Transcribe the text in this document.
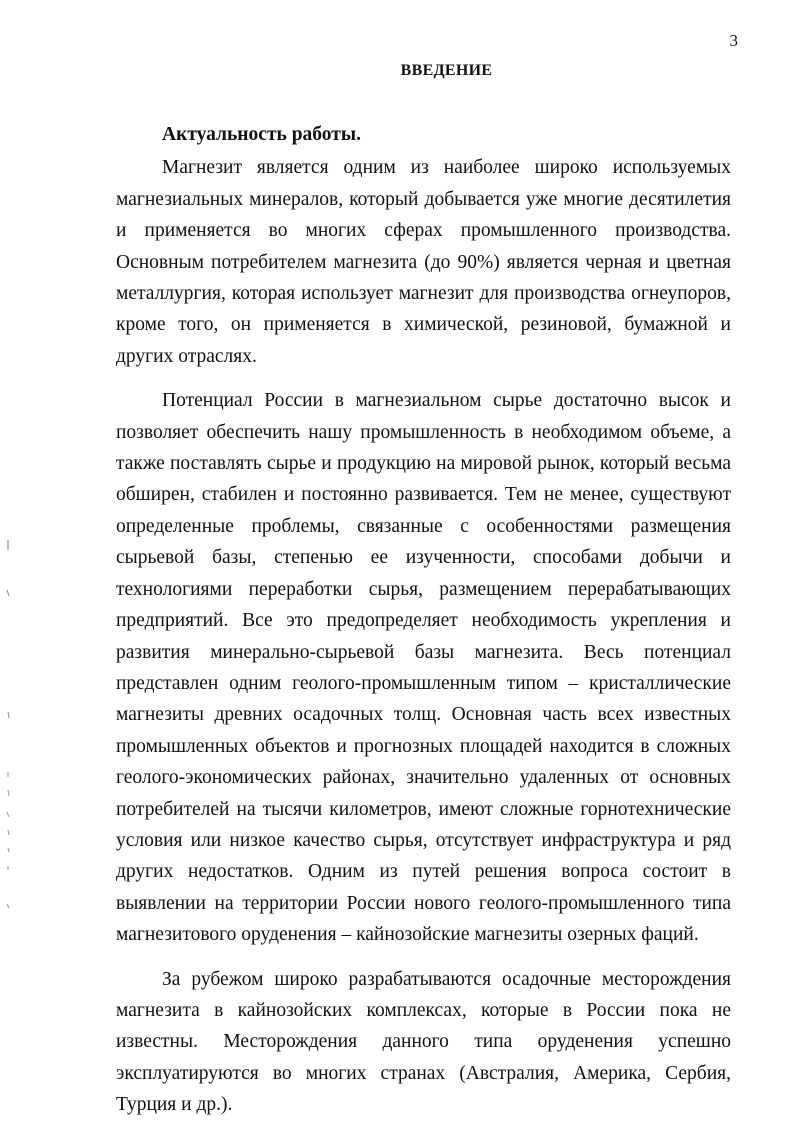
3
ВВЕДЕНИЕ

Актуальность работы.

Магнезит является одним из наиболее широко используемых магнезиальных минералов, который добывается уже многие десятилетия и применяется во многих сферах промышленного производства. Основным потребителем магнезита (до 90%) является черная и цветная металлургия, которая использует магнезит для производства огнеупоров, кроме того, он применяется в химической, резиновой, бумажной и других отраслях.

Потенциал России в магнезиальном сырье достаточно высок и позволяет обеспечить нашу промышленность в необходимом объеме, а также поставлять сырье и продукцию на мировой рынок, который весьма обширен, стабилен и постоянно развивается. Тем не менее, существуют определенные проблемы, связанные с особенностями размещения сырьевой базы, степенью ее изученности, способами добычи и технологиями переработки сырья, размещением перерабатывающих предприятий. Все это предопределяет необходимость укрепления и развития минерально-сырьевой базы магнезита. Весь потенциал представлен одним геолого-промышленным типом – кристаллические магнезиты древних осадочных толщ. Основная часть всех известных промышленных объектов и прогнозных площадей находится в сложных геолого-экономических районах, значительно удаленных от основных потребителей на тысячи километров, имеют сложные горнотехнические условия или низкое качество сырья, отсутствует инфраструктура и ряд других недостатков. Одним из путей решения вопроса состоит в выявлении на территории России нового геолого-промышленного типа магнезитового оруденения – кайнозойские магнезиты озерных фаций.

За рубежом широко разрабатываются осадочные месторождения магнезита в кайнозойских комплексах, которые в России пока не известны. Месторождения данного типа оруденения успешно эксплуатируются во многих странах (Австралия, Америка, Сербия, Турция и др.).
